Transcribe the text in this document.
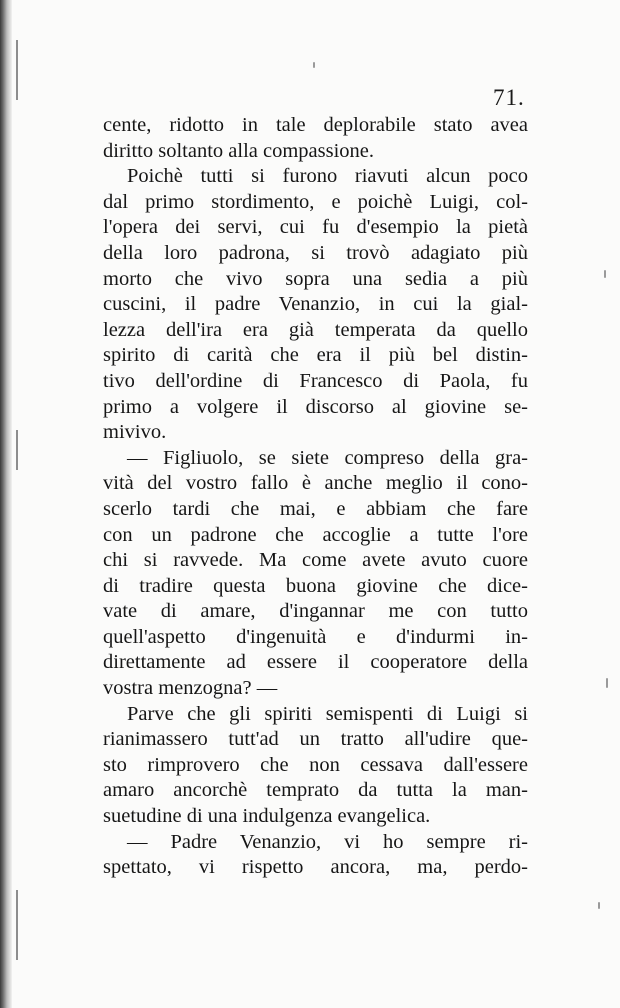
71.
cente, ridotto in tale deplorabile stato avea
diritto soltanto alla compassione.
Poichè tutti si furono riavuti alcun poco
dal primo stordimento, e poichè Luigi, col-
l'opera dei servi, cui fu d'esempio la pietà
della loro padrona, si trovò adagiato più
morto che vivo sopra una sedia a più
cuscini, il padre Venanzio, in cui la gial-
lezza dell'ira era già temperata da quello
spirito di carità che era il più bel distin-
tivo dell'ordine di Francesco di Paola, fu
primo a volgere il discorso al giovine se-
mivivo.
— Figliuolo, se siete compreso della gra-
vità del vostro fallo è anche meglio il cono-
scerlo tardi che mai, e abbiam che fare
con un padrone che accoglie a tutte l'ore
chi si ravvede. Ma come avete avuto cuore
di tradire questa buona giovine che dice-
vate di amare, d'ingannar me con tutto
quell'aspetto d'ingenuità e d'indurmi in-
direttamente ad essere il cooperatore della
vostra menzogna? —
Parve che gli spiriti semispenti di Luigi si
rianimassero tutt'ad un tratto all'udire que-
sto rimprovero che non cessava dall'essere
amaro ancorchè temprato da tutta la man-
suetudine di una indulgenza evangelica.
— Padre Venanzio, vi ho sempre ri-
spettato, vi rispetto ancora, ma, perdo-
